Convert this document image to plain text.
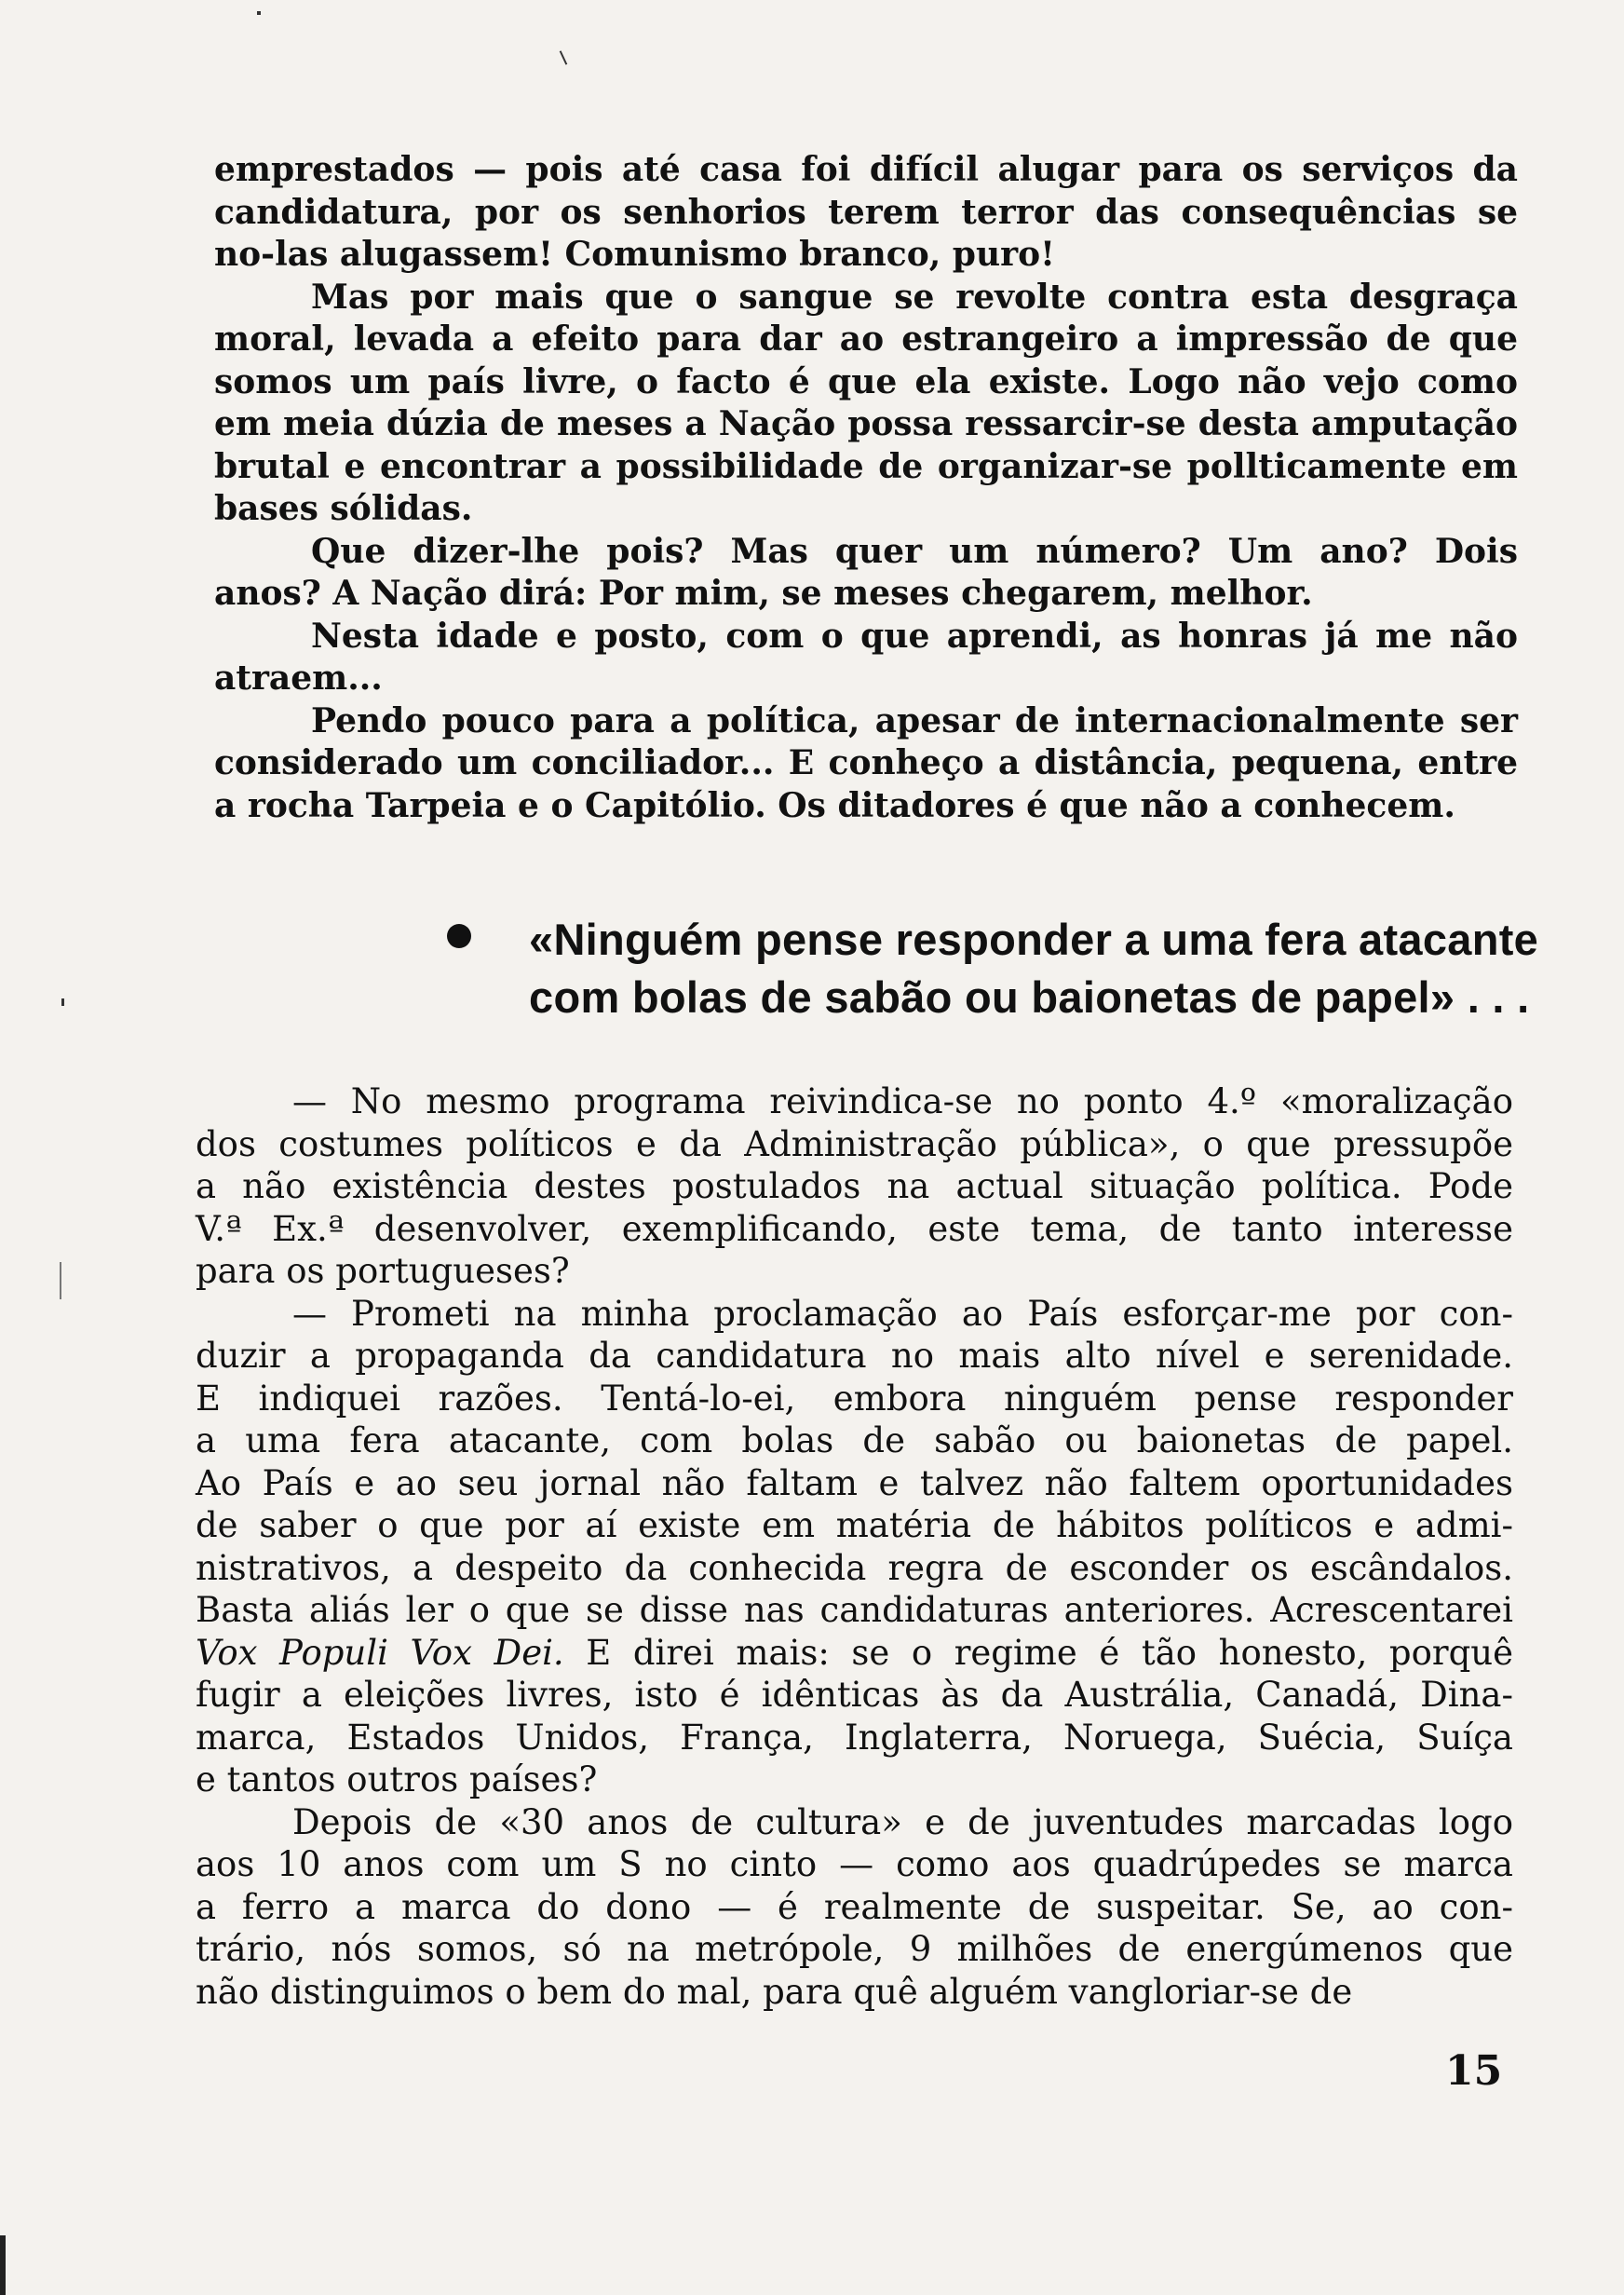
emprestados — pois até casa foi difícil alugar para os serviços da
candidatura, por os senhorios terem terror das consequências se
no-las alugassem! Comunismo branco, puro!

Mas por mais que o sangue se revolte contra esta desgraça
moral, levada a efeito para dar ao estrangeiro a impressão de que
somos um país livre, o facto é que ela existe. Logo não vejo como
em meia dúzia de meses a Nação possa ressarcir-se desta amputação
brutal e encontrar a possibilidade de organizar-se pollticamente em
bases sólidas.

Que dizer-lhe pois? Mas quer um número? Um ano? Dois
anos? A Nação dirá: Por mim, se meses chegarem, melhor.

Nesta idade e posto, com o que aprendi, as honras já me não
atraem...

Pendo pouco para a política, apesar de internacionalmente ser
considerado um conciliador... E conheço a distância, pequena, entre
a rocha Tarpeia e o Capitólio. Os ditadores é que não a conhecem.

«Ninguém pense responder a uma fera atacante
com bolas de sabão ou baionetas de papel» . . .

— No mesmo programa reivindica-se no ponto 4.º «moralização
dos costumes políticos e da Administração pública», o que pressupõe
a não existência destes postulados na actual situação política. Pode
V.ª Ex.ª desenvolver, exemplificando, este tema, de tanto interesse
para os portugueses?

— Prometi na minha proclamação ao País esforçar-me por con-
duzir a propaganda da candidatura no mais alto nível e serenidade.
E indiquei razões. Tentá-lo-ei, embora ninguém pense responder
a uma fera atacante, com bolas de sabão ou baionetas de papel.
Ao País e ao seu jornal não faltam e talvez não faltem oportunidades
de saber o que por aí existe em matéria de hábitos políticos e admi-
nistrativos, a despeito da conhecida regra de esconder os escândalos.
Basta aliás ler o que se disse nas candidaturas anteriores. Acrescentarei
Vox Populi Vox Dei. E direi mais: se o regime é tão honesto, porquê
fugir a eleições livres, isto é idênticas às da Austrália, Canadá, Dina-
marca, Estados Unidos, França, Inglaterra, Noruega, Suécia, Suíça
e tantos outros países?

Depois de «30 anos de cultura» e de juventudes marcadas logo
aos 10 anos com um S no cinto — como aos quadrúpedes se marca
a ferro a marca do dono — é realmente de suspeitar. Se, ao con-
trário, nós somos, só na metrópole, 9 milhões de energúmenos que
não distinguimos o bem do mal, para quê alguém vangloriar-se de

15
